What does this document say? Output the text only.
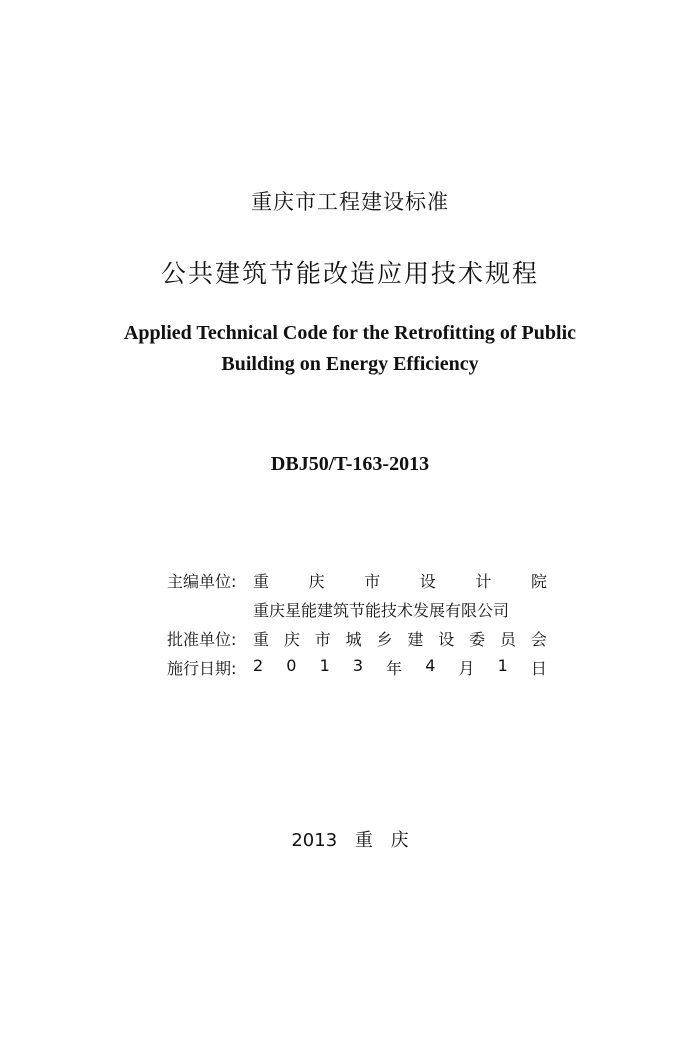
重庆市工程建设标准
公共建筑节能改造应用技术规程
Applied Technical Code for the Retrofitting of Public
Building on Energy Efficiency
DBJ50/T-163-2013
主编单位:	重 庆 市 设 计 院
重庆星能建筑节能技术发展有限公司
批准单位:	重 庆 市 城 乡 建 设 委 员 会
施行日期:	2 0 1 3 年 4 月 1 日
2013 重 庆
